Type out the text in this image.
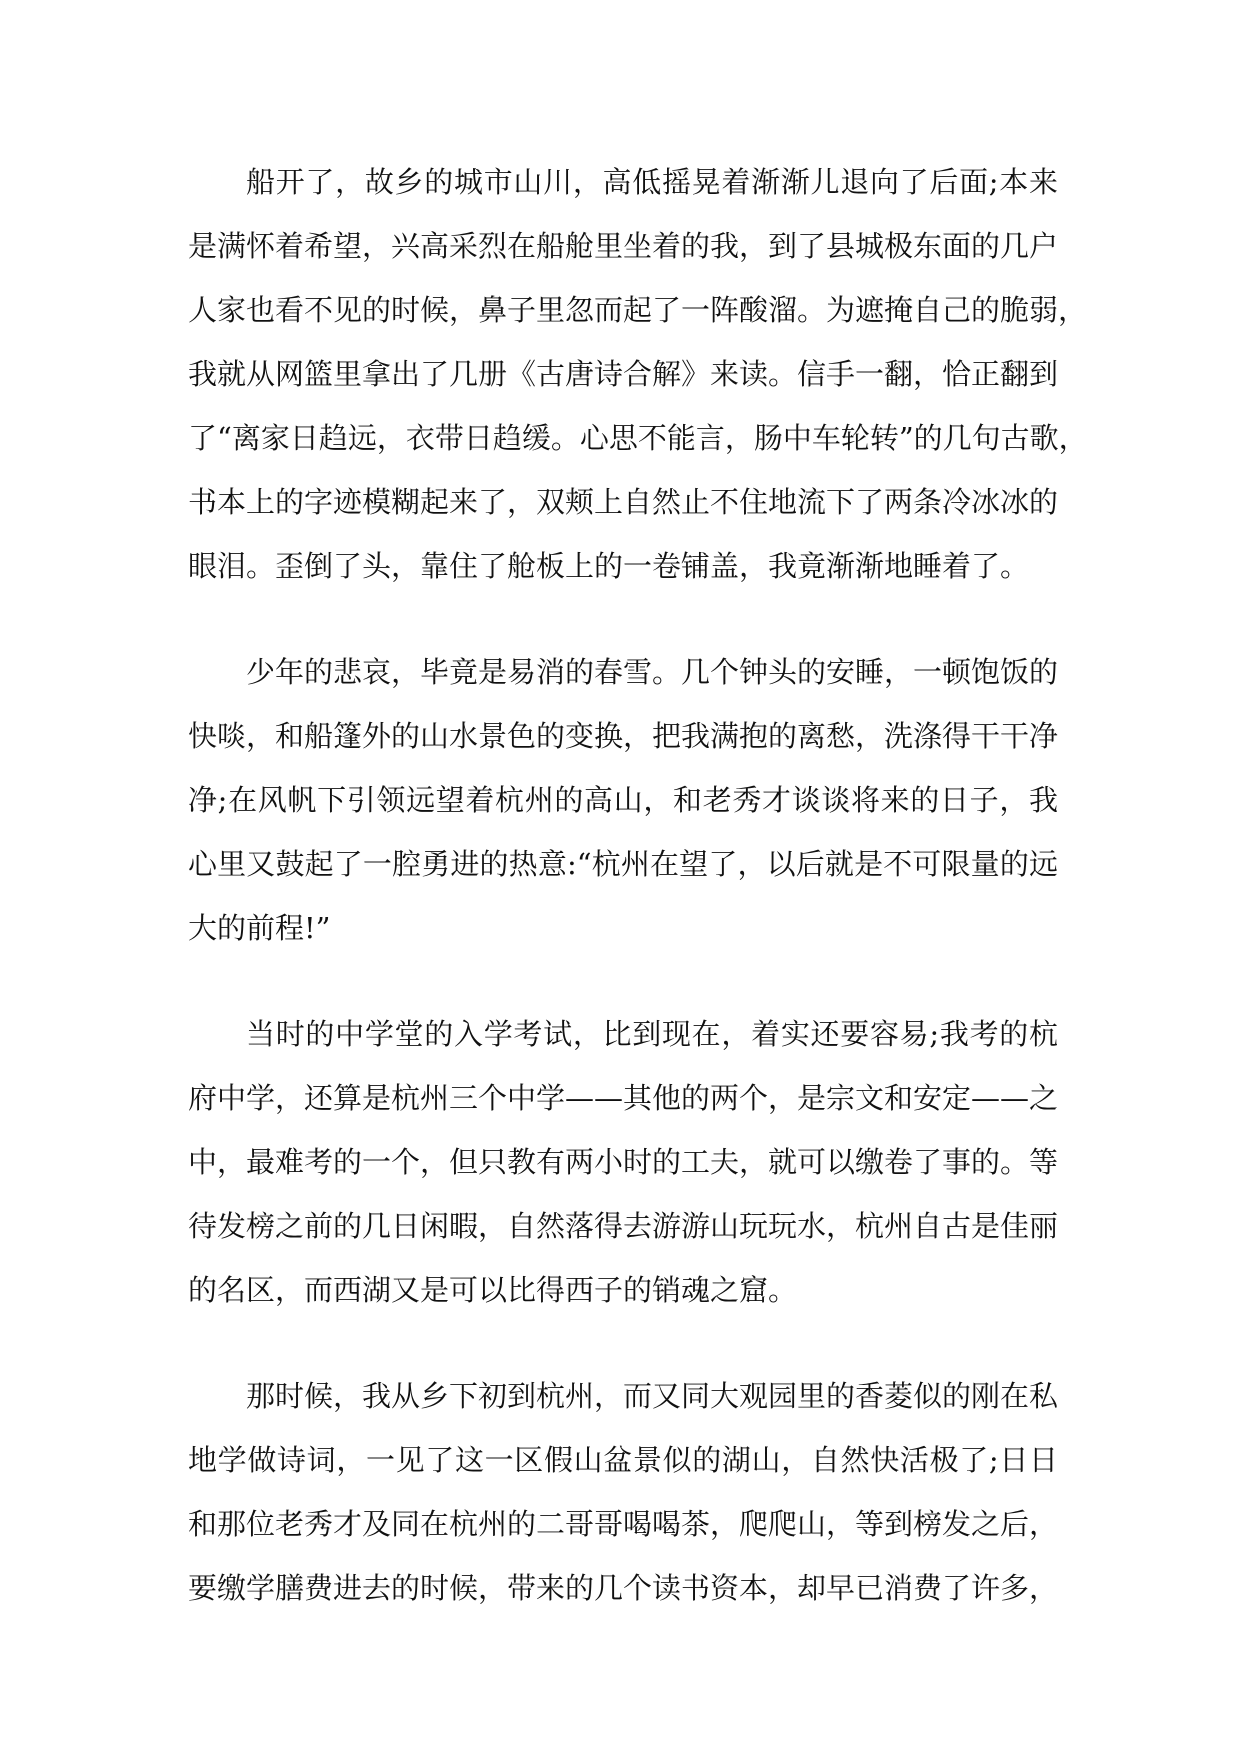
船开了，故乡的城市山川，高低摇晃着渐渐儿退向了后面;本来
是满怀着希望，兴高采烈在船舱里坐着的我，到了县城极东面的几户
人家也看不见的时候，鼻子里忽而起了一阵酸溜。为遮掩自己的脆弱，
我就从网篮里拿出了几册《古唐诗合解》来读。信手一翻，恰正翻到
了“离家日趋远，衣带日趋缓。心思不能言，肠中车轮转”的几句古歌，
书本上的字迹模糊起来了，双颊上自然止不住地流下了两条冷冰冰的
眼泪。歪倒了头，靠住了舱板上的一卷铺盖，我竟渐渐地睡着了。

少年的悲哀，毕竟是易消的春雪。几个钟头的安睡，一顿饱饭的
快啖，和船篷外的山水景色的变换，把我满抱的离愁，洗涤得干干净
净;在风帆下引领远望着杭州的高山，和老秀才谈谈将来的日子，我
心里又鼓起了一腔勇进的热意:“杭州在望了，以后就是不可限量的远
大的前程!”

当时的中学堂的入学考试，比到现在，着实还要容易;我考的杭
府中学，还算是杭州三个中学——其他的两个，是宗文和安定——之
中，最难考的一个，但只教有两小时的工夫，就可以缴卷了事的。等
待发榜之前的几日闲暇，自然落得去游游山玩玩水，杭州自古是佳丽
的名区，而西湖又是可以比得西子的销魂之窟。

那时候，我从乡下初到杭州，而又同大观园里的香菱似的刚在私
地学做诗词，一见了这一区假山盆景似的湖山，自然快活极了;日日
和那位老秀才及同在杭州的二哥哥喝喝茶，爬爬山，等到榜发之后，
要缴学膳费进去的时候，带来的几个读书资本，却早已消费了许多，
